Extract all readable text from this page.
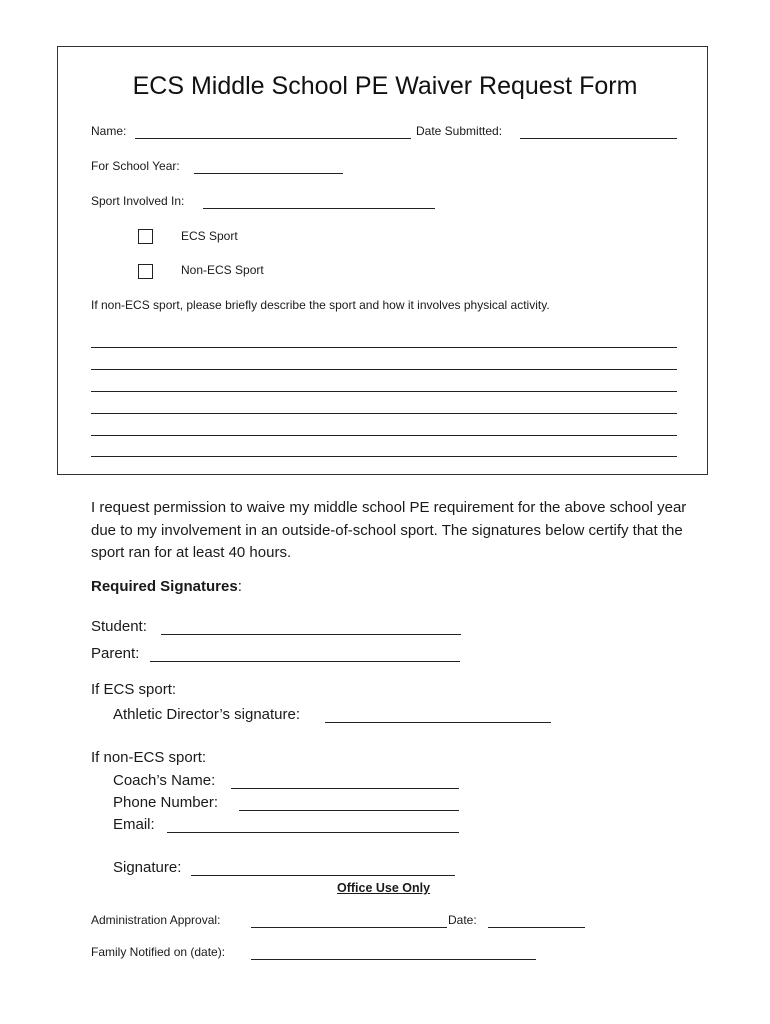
ECS Middle School PE Waiver Request Form
Name:	Date Submitted:
For School Year:
Sport Involved In:
ECS Sport
Non-ECS Sport
If non-ECS sport, please briefly describe the sport and how it involves physical activity.
I request permission to waive my middle school PE requirement for the above school year due to my involvement in an outside-of-school sport. The signatures below certify that the sport ran for at least 40 hours.
Required Signatures:
Student:
Parent:
If ECS sport:
Athletic Director’s signature:
If non-ECS sport:
Coach’s Name:
Phone Number:
Email:
Signature:
Office Use Only
Administration Approval:	Date:
Family Notified on (date):
